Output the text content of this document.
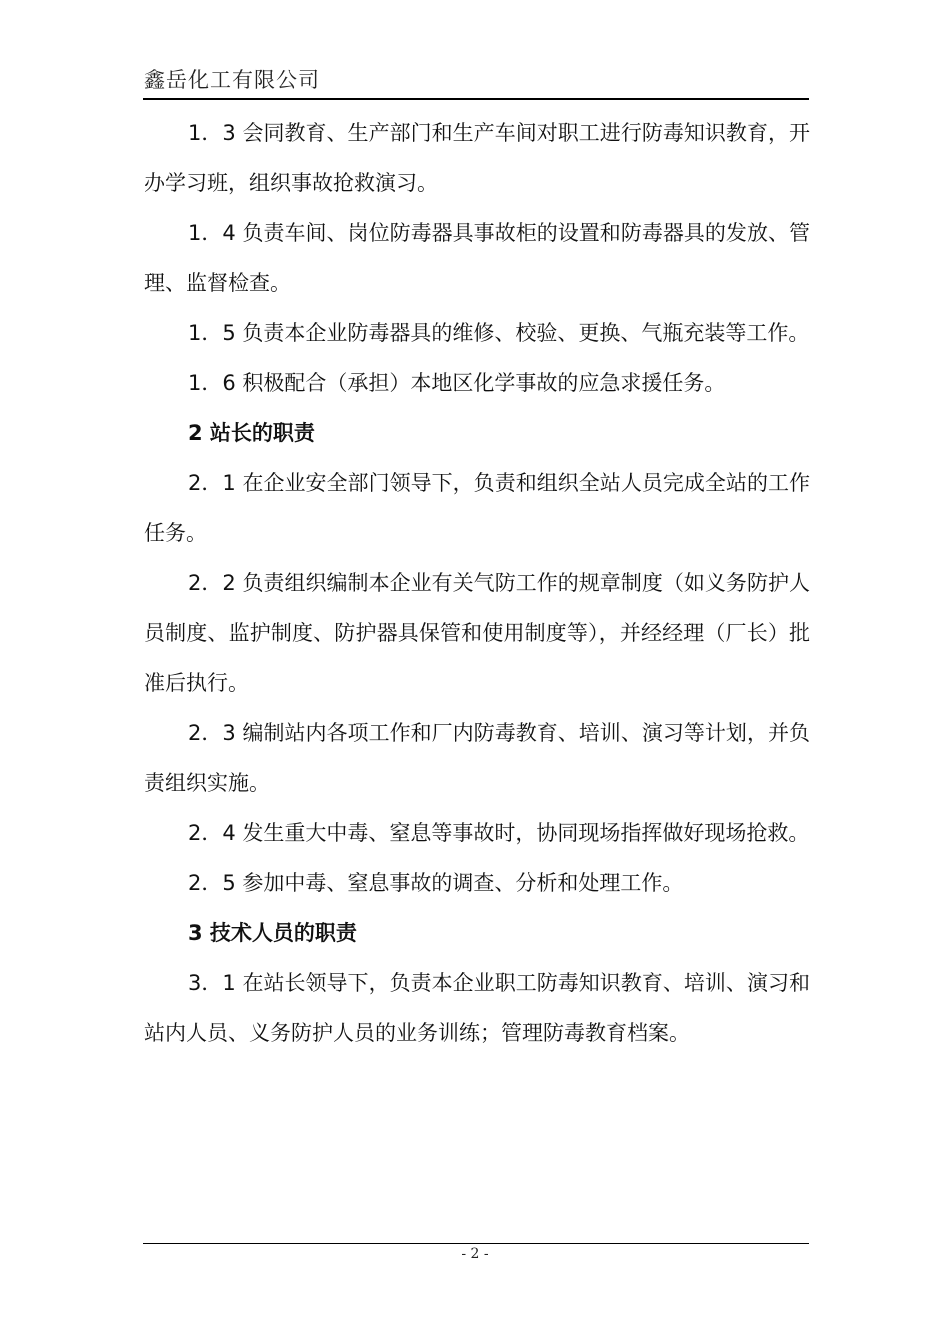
鑫岳化工有限公司

1．3 会同教育、生产部门和生产车间对职工进行防毒知识教育，开办学习班，组织事故抢救演习。

1．4 负责车间、岗位防毒器具事故柜的设置和防毒器具的发放、管理、监督检查。

1．5 负责本企业防毒器具的维修、校验、更换、气瓶充装等工作。

1．6 积极配合（承担）本地区化学事故的应急求援任务。

2 站长的职责

2．1 在企业安全部门领导下，负责和组织全站人员完成全站的工作任务。

2．2 负责组织编制本企业有关气防工作的规章制度（如义务防护人员制度、监护制度、防护器具保管和使用制度等），并经经理（厂长）批准后执行。

2．3 编制站内各项工作和厂内防毒教育、培训、演习等计划，并负责组织实施。

2．4 发生重大中毒、窒息等事故时，协同现场指挥做好现场抢救。

2．5 参加中毒、窒息事故的调查、分析和处理工作。

3 技术人员的职责

3．1 在站长领导下，负责本企业职工防毒知识教育、培训、演习和站内人员、义务防护人员的业务训练；管理防毒教育档案。

- 2 -
